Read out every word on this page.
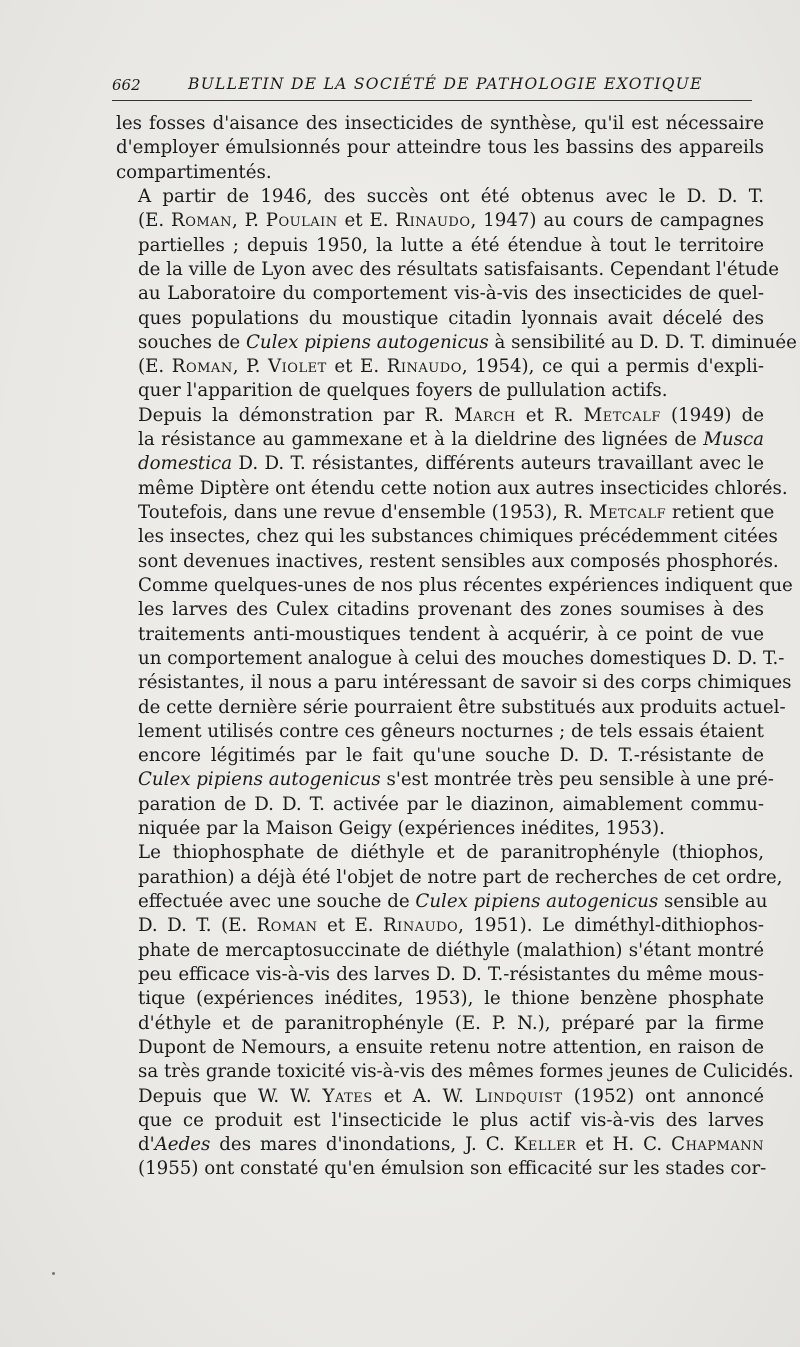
662	BULLETIN DE LA SOCIÉTÉ DE PATHOLOGIE EXOTIQUE

les fosses d'aisance des insecticides de synthèse, qu'il est nécessaire
d'employer émulsionnés pour atteindre tous les bassins des appareils
compartimentés.

A partir de 1946, des succès ont été obtenus avec le D. D. T.
(E. Roman, P. Poulain et E. Rinaudo, 1947) au cours de campagnes
partielles ; depuis 1950, la lutte a été étendue à tout le territoire
de la ville de Lyon avec des résultats satisfaisants. Cependant l'étude
au Laboratoire du comportement vis-à-vis des insecticides de quel-
ques populations du moustique citadin lyonnais avait décelé des
souches de Culex pipiens autogenicus à sensibilité au D. D. T. diminuée
(E. Roman, P. Violet et E. Rinaudo, 1954), ce qui a permis d'expli-
quer l'apparition de quelques foyers de pullulation actifs.

Depuis la démonstration par R. March et R. Metcalf (1949) de
la résistance au gammexane et à la dieldrine des lignées de Musca
domestica D. D. T. résistantes, différents auteurs travaillant avec le
même Diptère ont étendu cette notion aux autres insecticides chlorés.
Toutefois, dans une revue d'ensemble (1953), R. Metcalf retient que
les insectes, chez qui les substances chimiques précédemment citées
sont devenues inactives, restent sensibles aux composés phosphorés.
Comme quelques-unes de nos plus récentes expériences indiquent que
les larves des Culex citadins provenant des zones soumises à des
traitements anti-moustiques tendent à acquérir, à ce point de vue
un comportement analogue à celui des mouches domestiques D. D. T.-
résistantes, il nous a paru intéressant de savoir si des corps chimiques
de cette dernière série pourraient être substitués aux produits actuel-
lement utilisés contre ces gêneurs nocturnes ; de tels essais étaient
encore légitimés par le fait qu'une souche D. D. T.-résistante de
Culex pipiens autogenicus s'est montrée très peu sensible à une pré-
paration de D. D. T. activée par le diazinon, aimablement commu-
niquée par la Maison Geigy (expériences inédites, 1953).

Le thiophosphate de diéthyle et de paranitrophényle (thiophos,
parathion) a déjà été l'objet de notre part de recherches de cet ordre,
effectuée avec une souche de Culex pipiens autogenicus sensible au
D. D. T. (E. Roman et E. Rinaudo, 1951). Le diméthyl-dithiophos-
phate de mercaptosuccinate de diéthyle (malathion) s'étant montré
peu efficace vis-à-vis des larves D. D. T.-résistantes du même mous-
tique (expériences inédites, 1953), le thione benzène phosphate
d'éthyle et de paranitrophényle (E. P. N.), préparé par la firme
Dupont de Nemours, a ensuite retenu notre attention, en raison de
sa très grande toxicité vis-à-vis des mêmes formes jeunes de Culicidés.
Depuis que W. W. Yates et A. W. Lindquist (1952) ont annoncé
que ce produit est l'insecticide le plus actif vis-à-vis des larves
d'Aedes des mares d'inondations, J. C. Keller et H. C. Chapmann
(1955) ont constaté qu'en émulsion son efficacité sur les stades cor-
